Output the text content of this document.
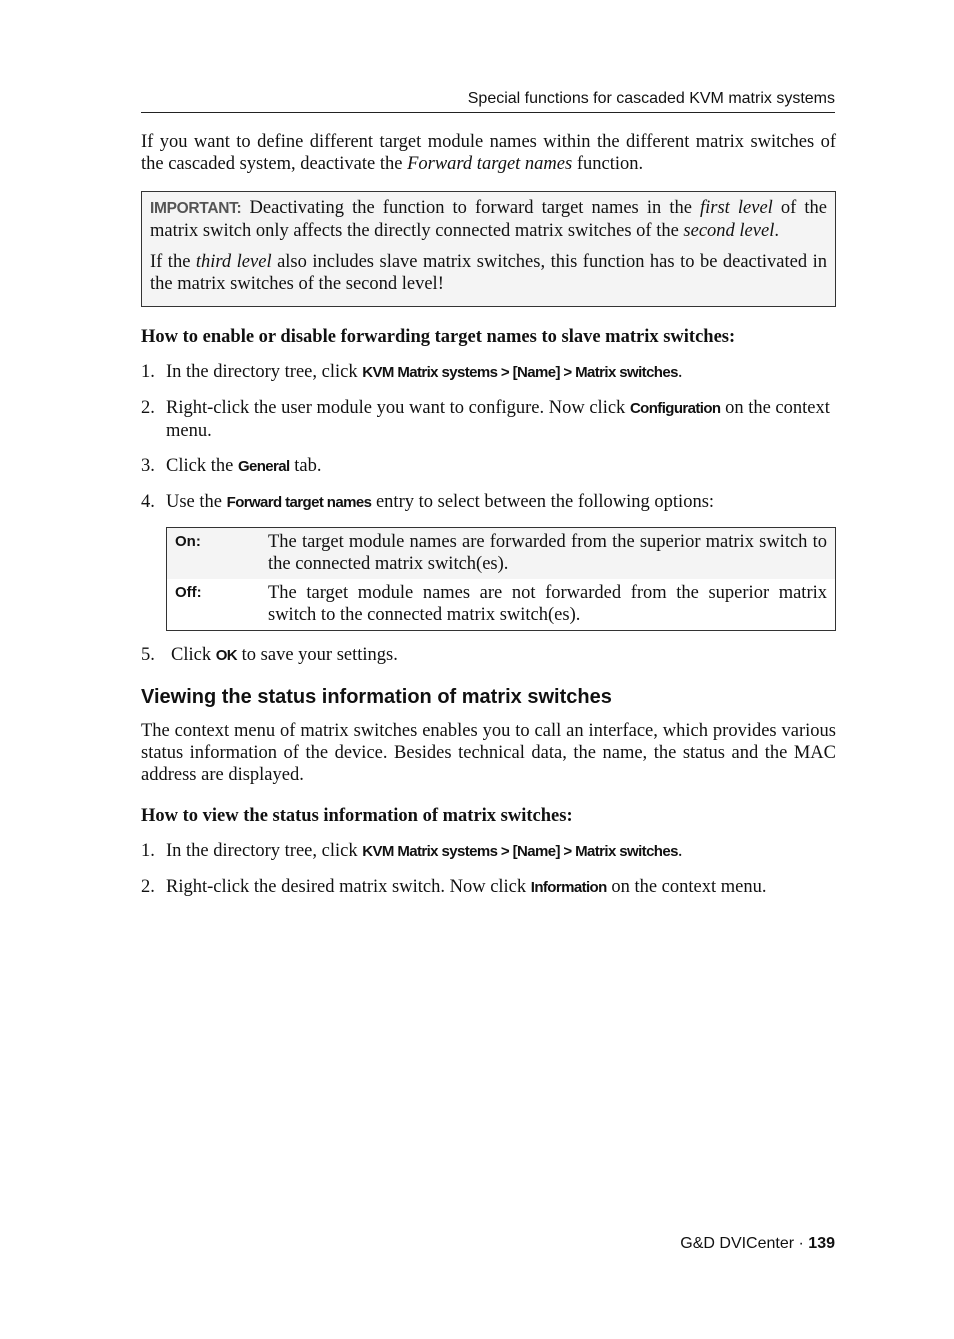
Special functions for cascaded KVM matrix systems

If you want to define different target module names within the different matrix switches of the cascaded system, deactivate the Forward target names function.

IMPORTANT: Deactivating the function to forward target names in the first level of the matrix switch only affects the directly connected matrix switches of the second level.

If the third level also includes slave matrix switches, this function has to be deactivated in the matrix switches of the second level!

How to enable or disable forwarding target names to slave matrix switches:
1. In the directory tree, click KVM Matrix systems > [Name] > Matrix switches.
2. Right-click the user module you want to configure. Now click Configuration on the context menu.
3. Click the General tab.
4. Use the Forward target names entry to select between the following options:
On:	The target module names are forwarded from the superior matrix switch to the connected matrix switch(es).
Off:	The target module names are not forwarded from the superior matrix switch to the connected matrix switch(es).
5. Click OK to save your settings.
Viewing the status information of matrix switches

The context menu of matrix switches enables you to call an interface, which provides various status information of the device. Besides technical data, the name, the status and the MAC address are displayed.

How to view the status information of matrix switches:
1. In the directory tree, click KVM Matrix systems > [Name] > Matrix switches.
2. Right-click the desired matrix switch. Now click Information on the context menu.
G&D DVICenter · 139
